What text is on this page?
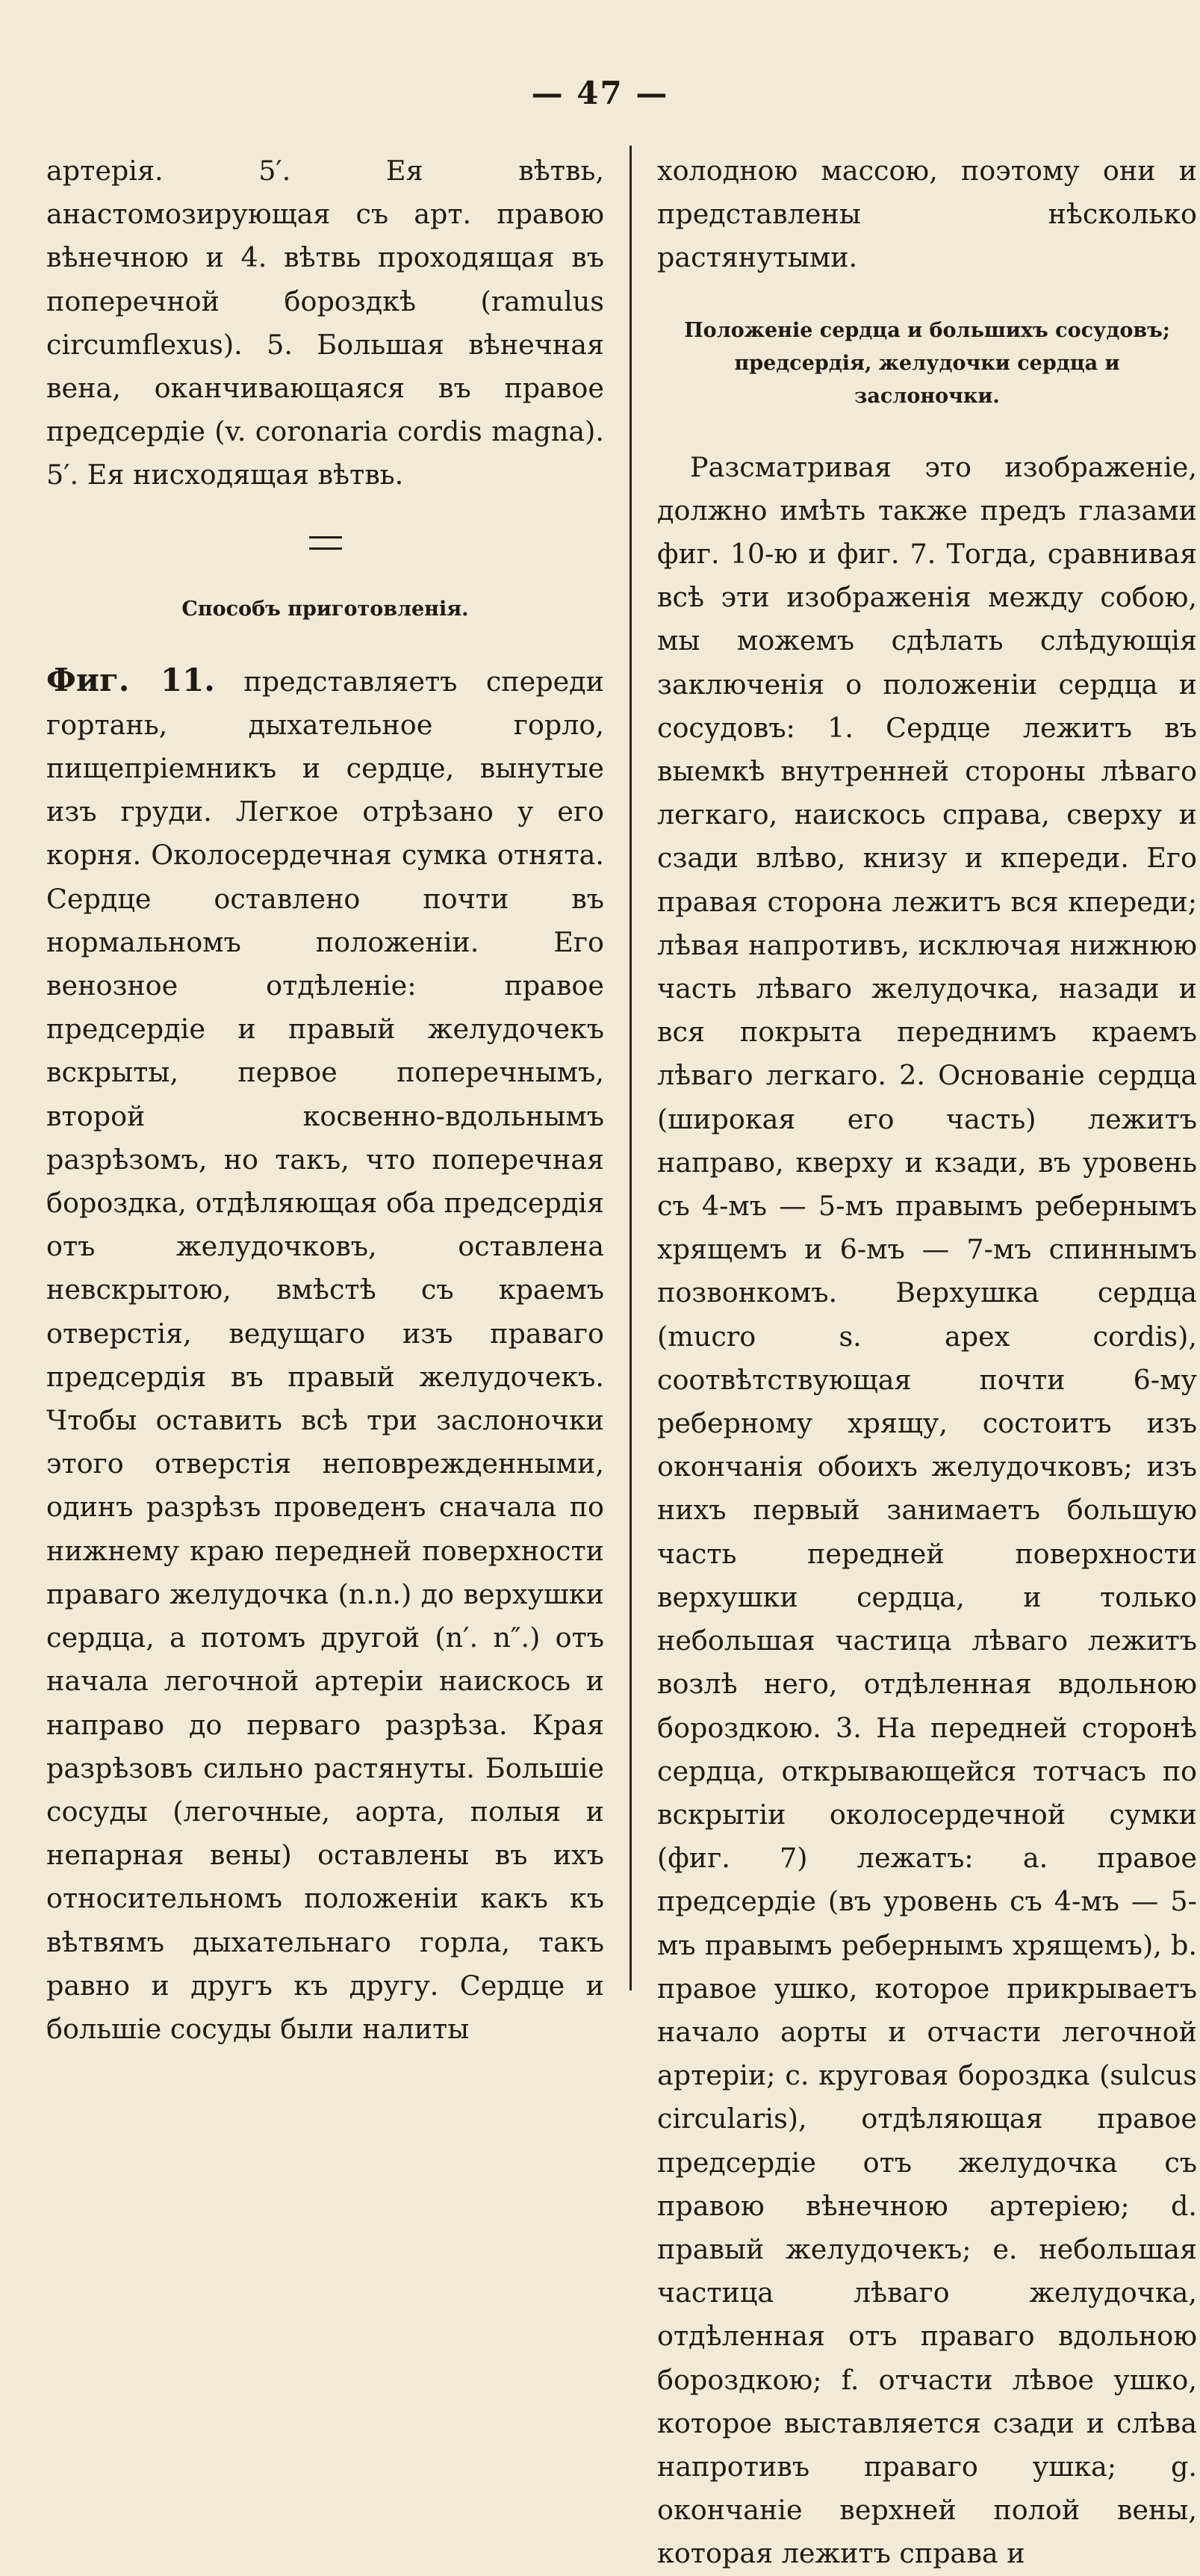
— 47 —

артерія. 5′. Ея вѣтвь, анастомозирующая съ арт. правою вѣнечною и 4. вѣтвь проходящая въ поперечной бороздкѣ (ramulus circumflexus). 5. Большая вѣнечная вена, оканчивающаяся въ правое предсердіе (v. coronaria cordis magna). 5′. Ея нисходящая вѣтвь.

Способъ приготовленія.

Фиг. 11. представляетъ спереди гортань, дыхательное горло, пищепріемникъ и сердце, вынутые изъ груди. Легкое отрѣзано у его корня. Околосердечная сумка отнята. Сердце оставлено почти въ нормальномъ положеніи. Его венозное отдѣленіе: правое предсердіе и правый желудочекъ вскрыты, первое поперечнымъ, второй косвенно-вдольнымъ разрѣзомъ, но такъ, что поперечная бороздка, отдѣляющая оба предсердія отъ желудочковъ, оставлена невскрытою, вмѣстѣ съ краемъ отверстія, ведущаго изъ праваго предсердія въ правый желудочекъ. Чтобы оставить всѣ три заслоночки этого отверстія неповрежденными, одинъ разрѣзъ проведенъ сначала по нижнему краю передней поверхности праваго желудочка (n.n.) до верхушки сердца, а потомъ другой (n′. n″.) отъ начала легочной артеріи наискось и направо до перваго разрѣза. Края разрѣзовъ сильно растянуты. Большіе сосуды (легочные, аорта, полыя и непарная вены) оставлены въ ихъ относительномъ положеніи какъ къ вѣтвямъ дыхательнаго горла, такъ равно и другъ къ другу. Сердце и большіе сосуды были налиты

холодною массою, поэтому они и представлены нѣсколько растянутыми.

Положеніе сердца и большихъ сосудовъ; предсердія, желудочки сердца и заслоночки.

Разсматривая это изображеніе, должно имѣть также предъ глазами фиг. 10-ю и фиг. 7. Тогда, сравнивая всѣ эти изображенія между собою, мы можемъ сдѣлать слѣдующія заключенія о положеніи сердца и сосудовъ: 1. Сердце лежитъ въ выемкѣ внутренней стороны лѣваго легкаго, наискось справа, сверху и сзади влѣво, книзу и кпереди. Его правая сторона лежитъ вся кпереди; лѣвая напротивъ, исключая нижнюю часть лѣваго желудочка, назади и вся покрыта переднимъ краемъ лѣваго легкаго. 2. Основаніе сердца (широкая его часть) лежитъ направо, кверху и кзади, въ уровень съ 4-мъ — 5-мъ правымъ ребернымъ хрящемъ и 6-мъ — 7-мъ спиннымъ позвонкомъ. Верхушка сердца (mucro s. apex cordis), соотвѣтствующая почти 6-му реберному хрящу, состоитъ изъ окончанія обоихъ желудочковъ; изъ нихъ первый занимаетъ большую часть передней поверхности верхушки сердца, и только небольшая частица лѣваго лежитъ возлѣ него, отдѣленная вдольною бороздкою. 3. На передней сторонѣ сердца, открывающейся тотчасъ по вскрытіи околосердечной сумки (фиг. 7) лежатъ: a. правое предсердіе (въ уровень съ 4-мъ — 5-мъ правымъ ребернымъ хрящемъ), b. правое ушко, которое прикрываетъ начало аорты и отчасти легочной артеріи; c. круговая бороздка (sulcus circularis), отдѣляющая правое предсердіе отъ желудочка съ правою вѣнечною артеріею; d. правый желудочекъ; e. небольшая частица лѣваго желудочка, отдѣленная отъ праваго вдольною бороздкою; f. отчасти лѣвое ушко, которое выставляется сзади и слѣва напротивъ праваго ушка; g. окончаніе верхней полой вены, которая лежитъ справа и
